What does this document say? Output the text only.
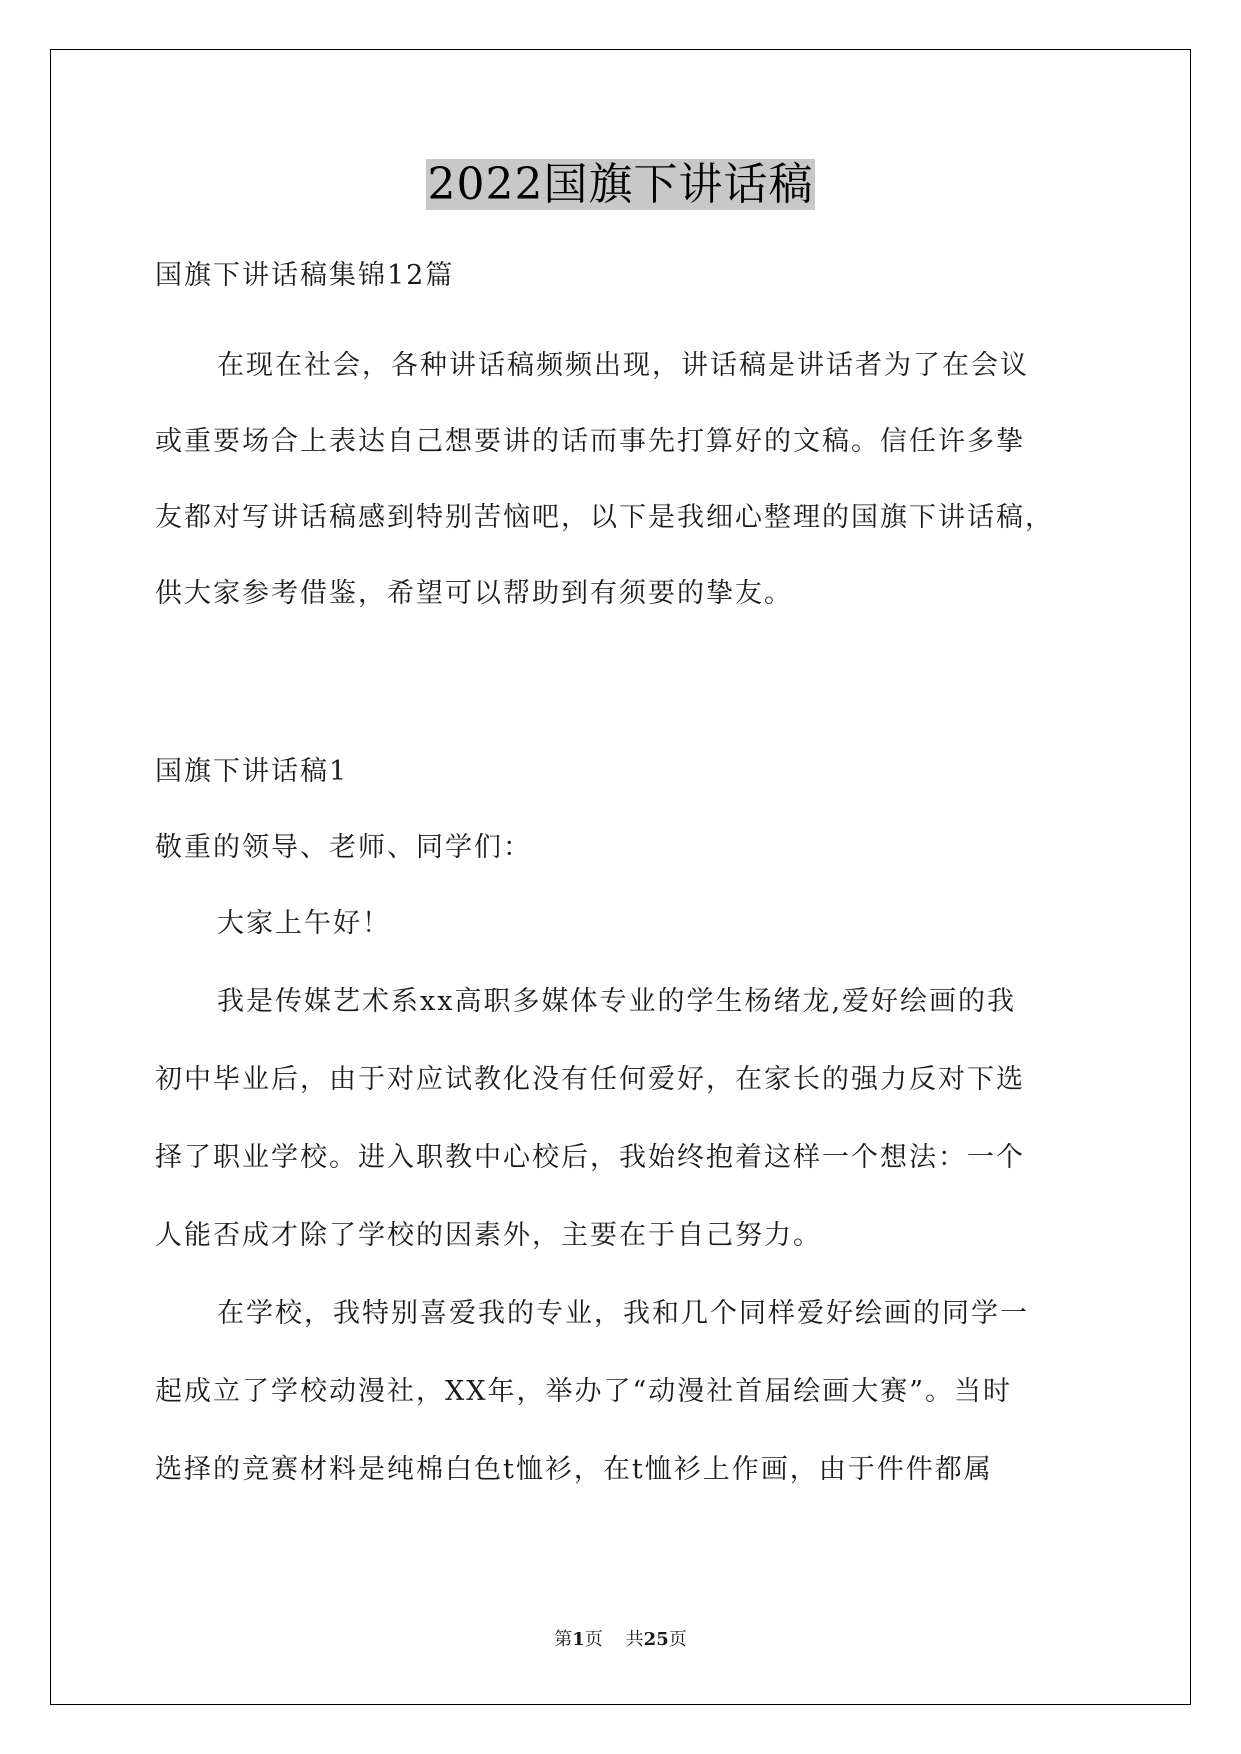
2022国旗下讲话稿
国旗下讲话稿集锦12篇
在现在社会，各种讲话稿频频出现，讲话稿是讲话者为了在会议
或重要场合上表达自己想要讲的话而事先打算好的文稿。信任许多挚
友都对写讲话稿感到特别苦恼吧，以下是我细心整理的国旗下讲话稿，
供大家参考借鉴，希望可以帮助到有须要的挚友。
国旗下讲话稿1
敬重的领导、老师、同学们：
大家上午好！
我是传媒艺术系xx高职多媒体专业的学生杨绪龙,爱好绘画的我
初中毕业后，由于对应试教化没有任何爱好，在家长的强力反对下选
择了职业学校。进入职教中心校后，我始终抱着这样一个想法：一个
人能否成才除了学校的因素外，主要在于自己努力。
在学校，我特别喜爱我的专业，我和几个同样爱好绘画的同学一
起成立了学校动漫社，XX年，举办了“动漫社首届绘画大赛”。当时
选择的竞赛材料是纯棉白色t恤衫，在t恤衫上作画，由于件件都属
第1页 共25页
